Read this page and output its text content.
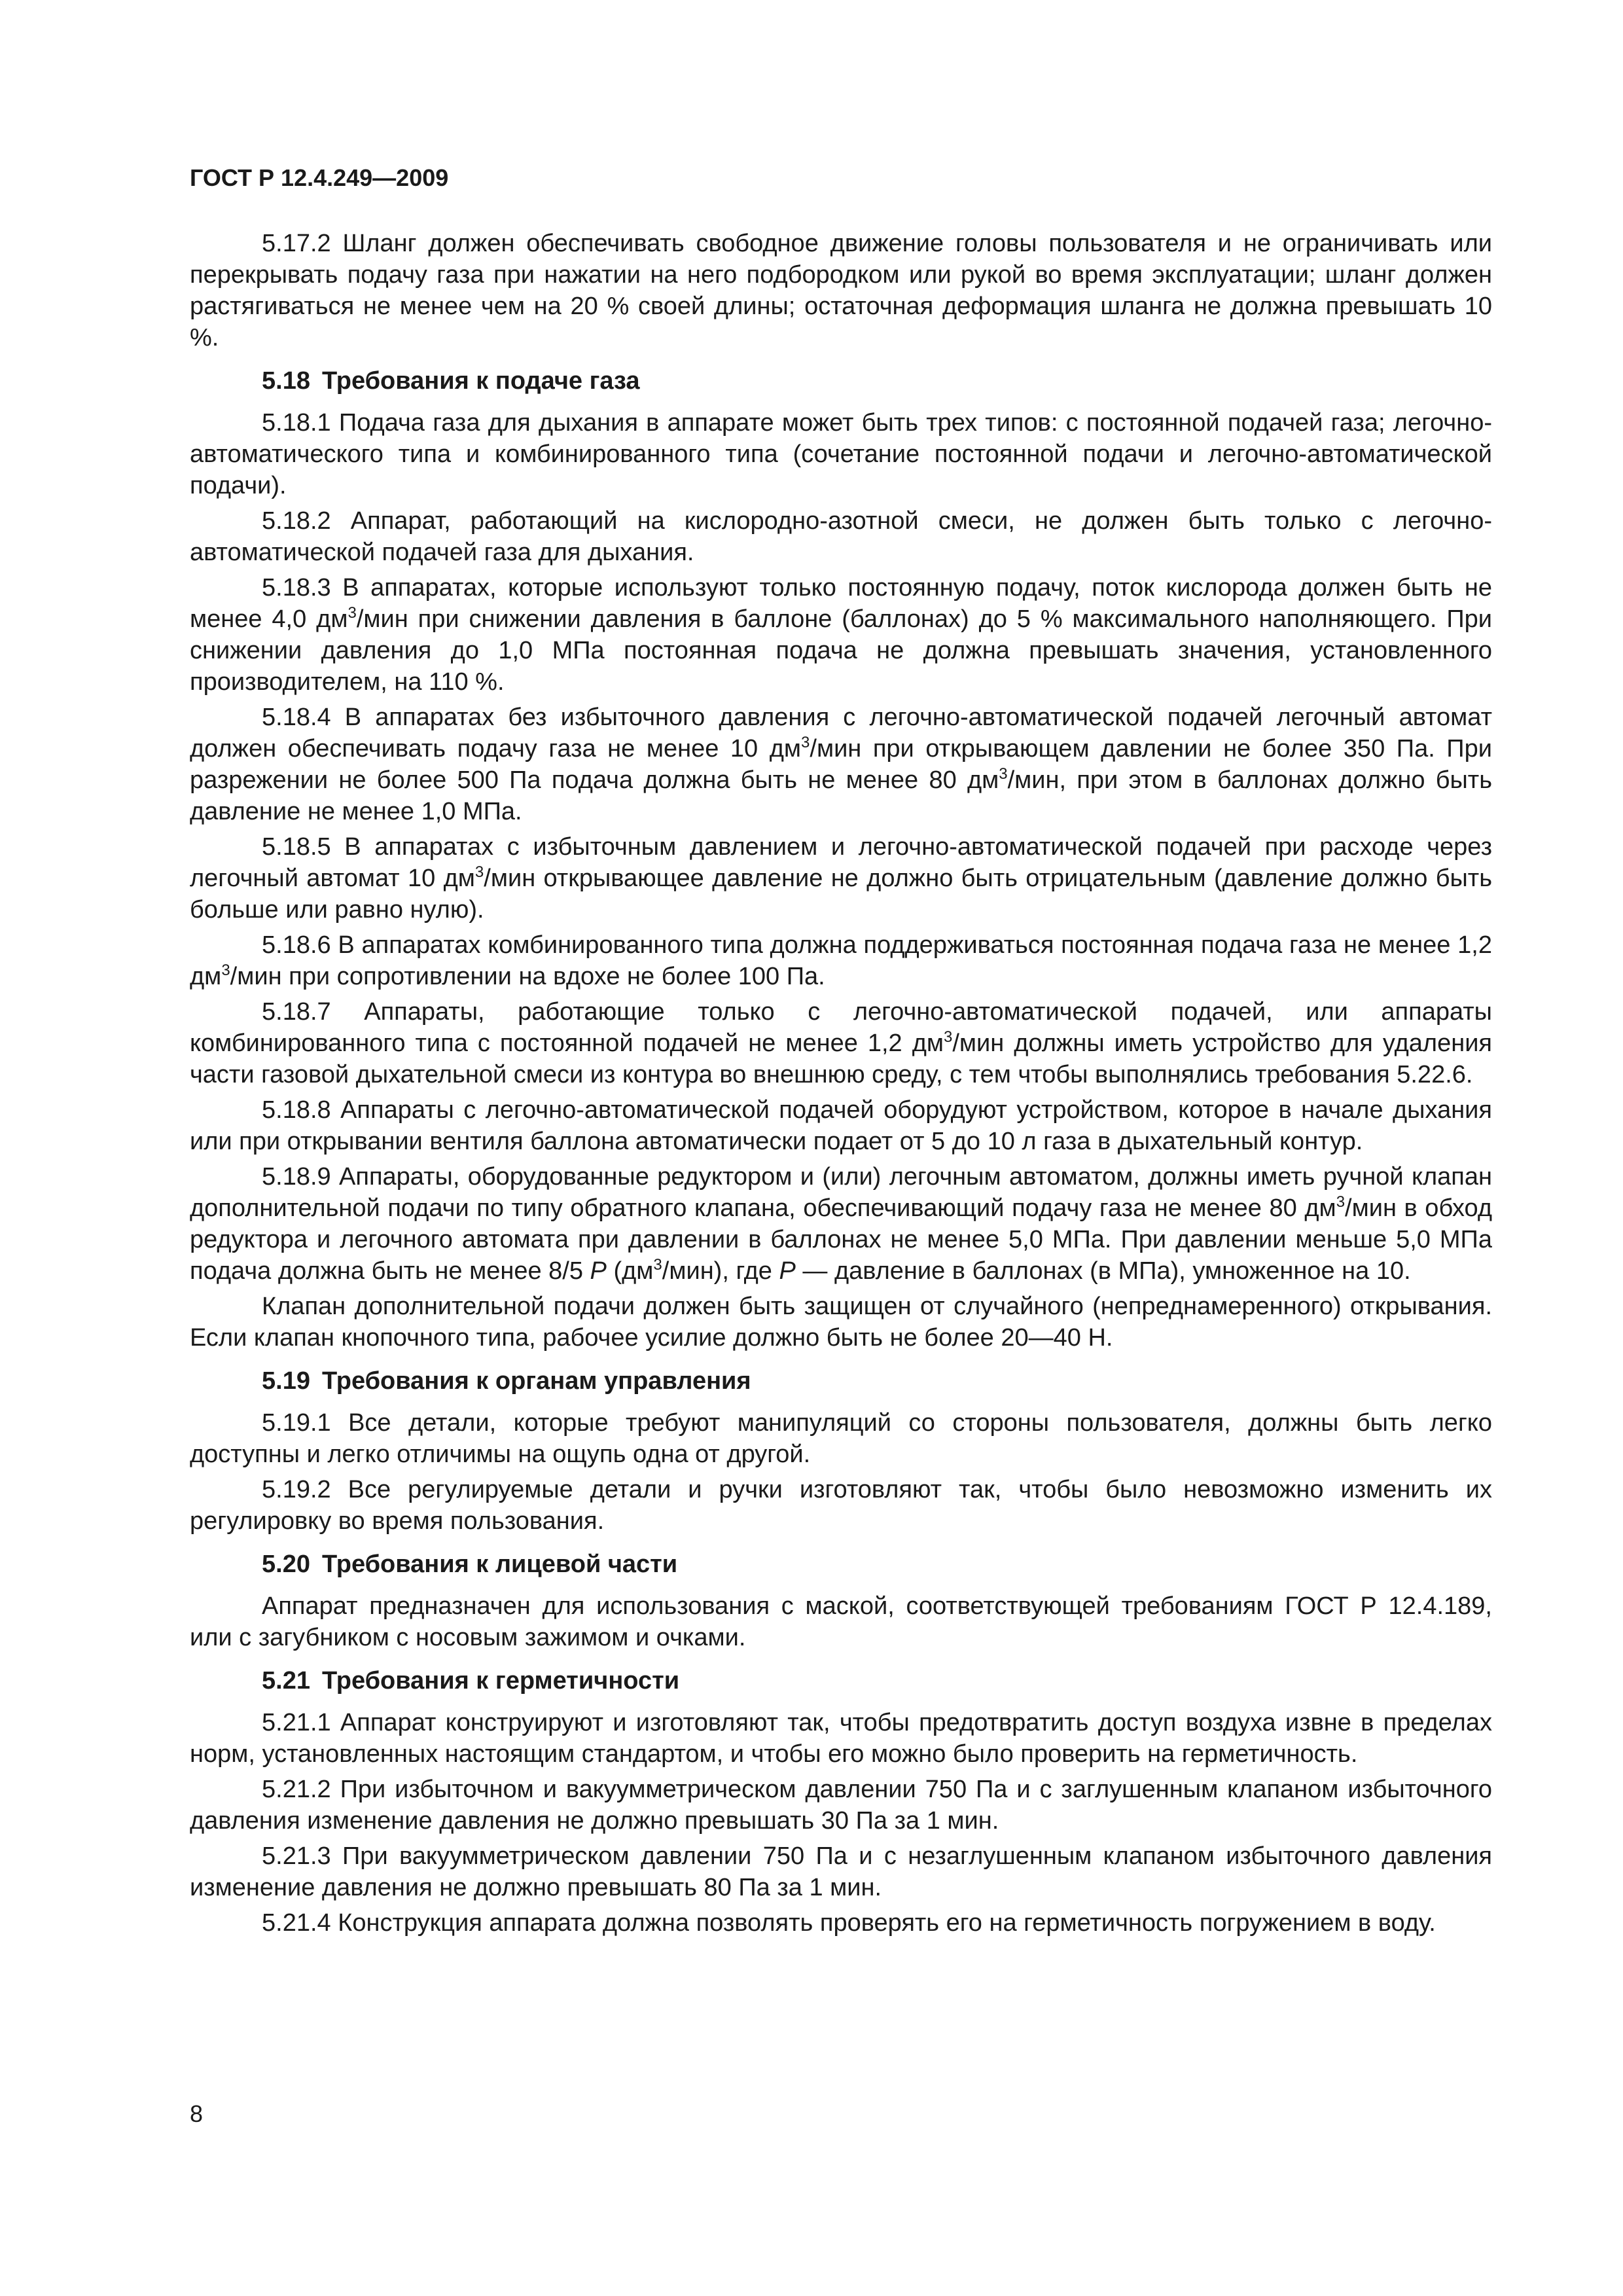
ГОСТ Р 12.4.249—2009

5.17.2 Шланг должен обеспечивать свободное движение головы пользователя и не ограничивать или перекрывать подачу газа при нажатии на него подбородком или рукой во время эксплуатации; шланг должен растягиваться не менее чем на 20 % своей длины; остаточная деформация шланга не должна превышать 10 %.

5.18 Требования к подаче газа

5.18.1 Подача газа для дыхания в аппарате может быть трех типов: с постоянной подачей газа; легочно-автоматического типа и комбинированного типа (сочетание постоянной подачи и легочно-автоматической подачи).

5.18.2 Аппарат, работающий на кислородно-азотной смеси, не должен быть только с легочно-автоматической подачей газа для дыхания.

5.18.3 В аппаратах, которые используют только постоянную подачу, поток кислорода должен быть не менее 4,0 $дм^3$/мин при снижении давления в баллоне (баллонах) до 5 % максимального наполняющего. При снижении давления до 1,0 МПа постоянная подача не должна превышать значения, установленного производителем, на 110 %.

5.18.4 В аппаратах без избыточного давления с легочно-автоматической подачей легочный автомат должен обеспечивать подачу газа не менее 10 $дм^3$/мин при открывающем давлении не более 350 Па. При разрежении не более 500 Па подача должна быть не менее 80 $дм^3$/мин, при этом в баллонах должно быть давление не менее 1,0 МПа.

5.18.5 В аппаратах с избыточным давлением и легочно-автоматической подачей при расходе через легочный автомат 10 $дм^3$/мин открывающее давление не должно быть отрицательным (давление должно быть больше или равно нулю).

5.18.6 В аппаратах комбинированного типа должна поддерживаться постоянная подача газа не менее 1,2 $дм^3$/мин при сопротивлении на вдохе не более 100 Па.

5.18.7 Аппараты, работающие только с легочно-автоматической подачей, или аппараты комбинированного типа с постоянной подачей не менее 1,2 $дм^3$/мин должны иметь устройство для удаления части газовой дыхательной смеси из контура во внешнюю среду, с тем чтобы выполнялись требования 5.22.6.

5.18.8 Аппараты с легочно-автоматической подачей оборудуют устройством, которое в начале дыхания или при открывании вентиля баллона автоматически подает от 5 до 10 л газа в дыхательный контур.

5.18.9 Аппараты, оборудованные редуктором и (или) легочным автоматом, должны иметь ручной клапан дополнительной подачи по типу обратного клапана, обеспечивающий подачу газа не менее 80 $дм^3$/мин в обход редуктора и легочного автомата при давлении в баллонах не менее 5,0 МПа. При давлении меньше 5,0 МПа подача должна быть не менее 8/5 P $(дм^3/мин)$, где P — давление в баллонах (в МПа), умноженное на 10.

Клапан дополнительной подачи должен быть защищен от случайного (непреднамеренного) открывания. Если клапан кнопочного типа, рабочее усилие должно быть не более 20—40 Н.

5.19 Требования к органам управления

5.19.1 Все детали, которые требуют манипуляций со стороны пользователя, должны быть легко доступны и легко отличимы на ощупь одна от другой.

5.19.2 Все регулируемые детали и ручки изготовляют так, чтобы было невозможно изменить их регулировку во время пользования.

5.20 Требования к лицевой части

Аппарат предназначен для использования с маской, соответствующей требованиям ГОСТ Р 12.4.189, или с загубником с носовым зажимом и очками.

5.21 Требования к герметичности

5.21.1 Аппарат конструируют и изготовляют так, чтобы предотвратить доступ воздуха извне в пределах норм, установленных настоящим стандартом, и чтобы его можно было проверить на герметичность.

5.21.2 При избыточном и вакуумметрическом давлении 750 Па и с заглушенным клапаном избыточного давления изменение давления не должно превышать 30 Па за 1 мин.

5.21.3 При вакуумметрическом давлении 750 Па и с незаглушенным клапаном избыточного давления изменение давления не должно превышать 80 Па за 1 мин.

5.21.4 Конструкция аппарата должна позволять проверять его на герметичность погружением в воду.

8
